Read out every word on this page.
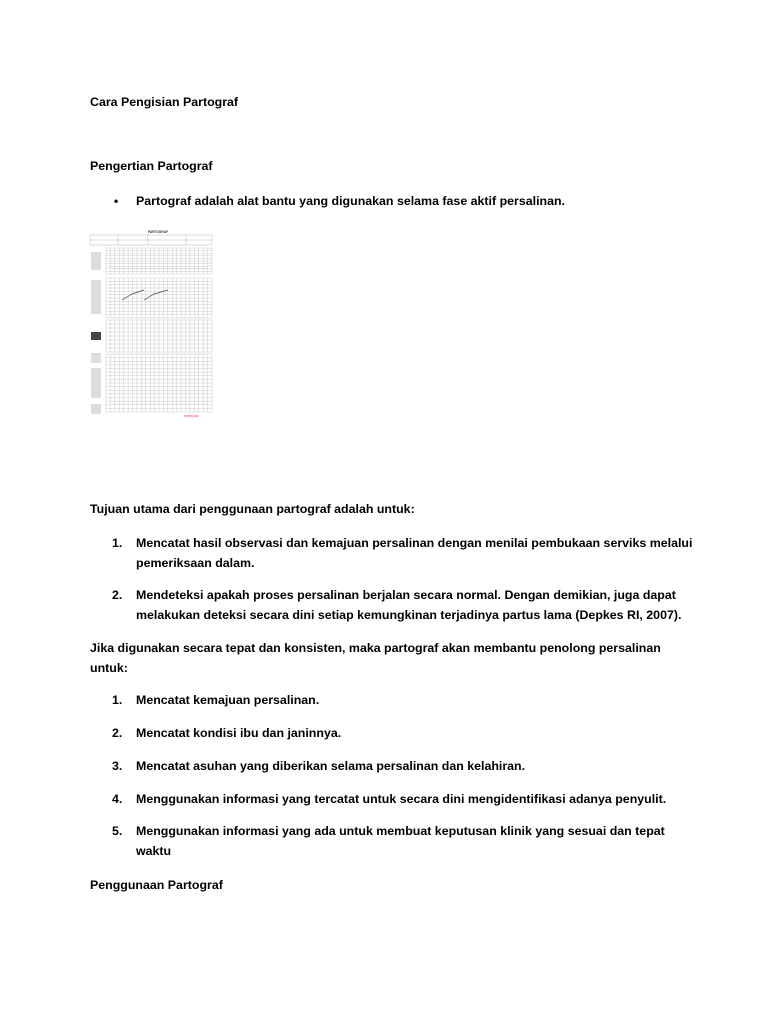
Cara Pengisian Partograf
Pengertian Partograf
• Partograf adalah alat bantu yang digunakan selama fase aktif persalinan.
PARTOGRAF
PARTOGRAF
Tujuan utama dari penggunaan partograf adalah untuk:
1. Mencatat hasil observasi dan kemajuan persalinan dengan menilai pembukaan serviks melalui pemeriksaan dalam.
2. Mendeteksi apakah proses persalinan berjalan secara normal. Dengan demikian, juga dapat melakukan deteksi secara dini setiap kemungkinan terjadinya partus lama (Depkes RI, 2007).
Jika digunakan secara tepat dan konsisten, maka partograf akan membantu penolong persalinan untuk:
1. Mencatat kemajuan persalinan.
2. Mencatat kondisi ibu dan janinnya.
3. Mencatat asuhan yang diberikan selama persalinan dan kelahiran.
4. Menggunakan informasi yang tercatat untuk secara dini mengidentifikasi adanya penyulit.
5. Menggunakan informasi yang ada untuk membuat keputusan klinik yang sesuai dan tepat waktu
Penggunaan Partograf
